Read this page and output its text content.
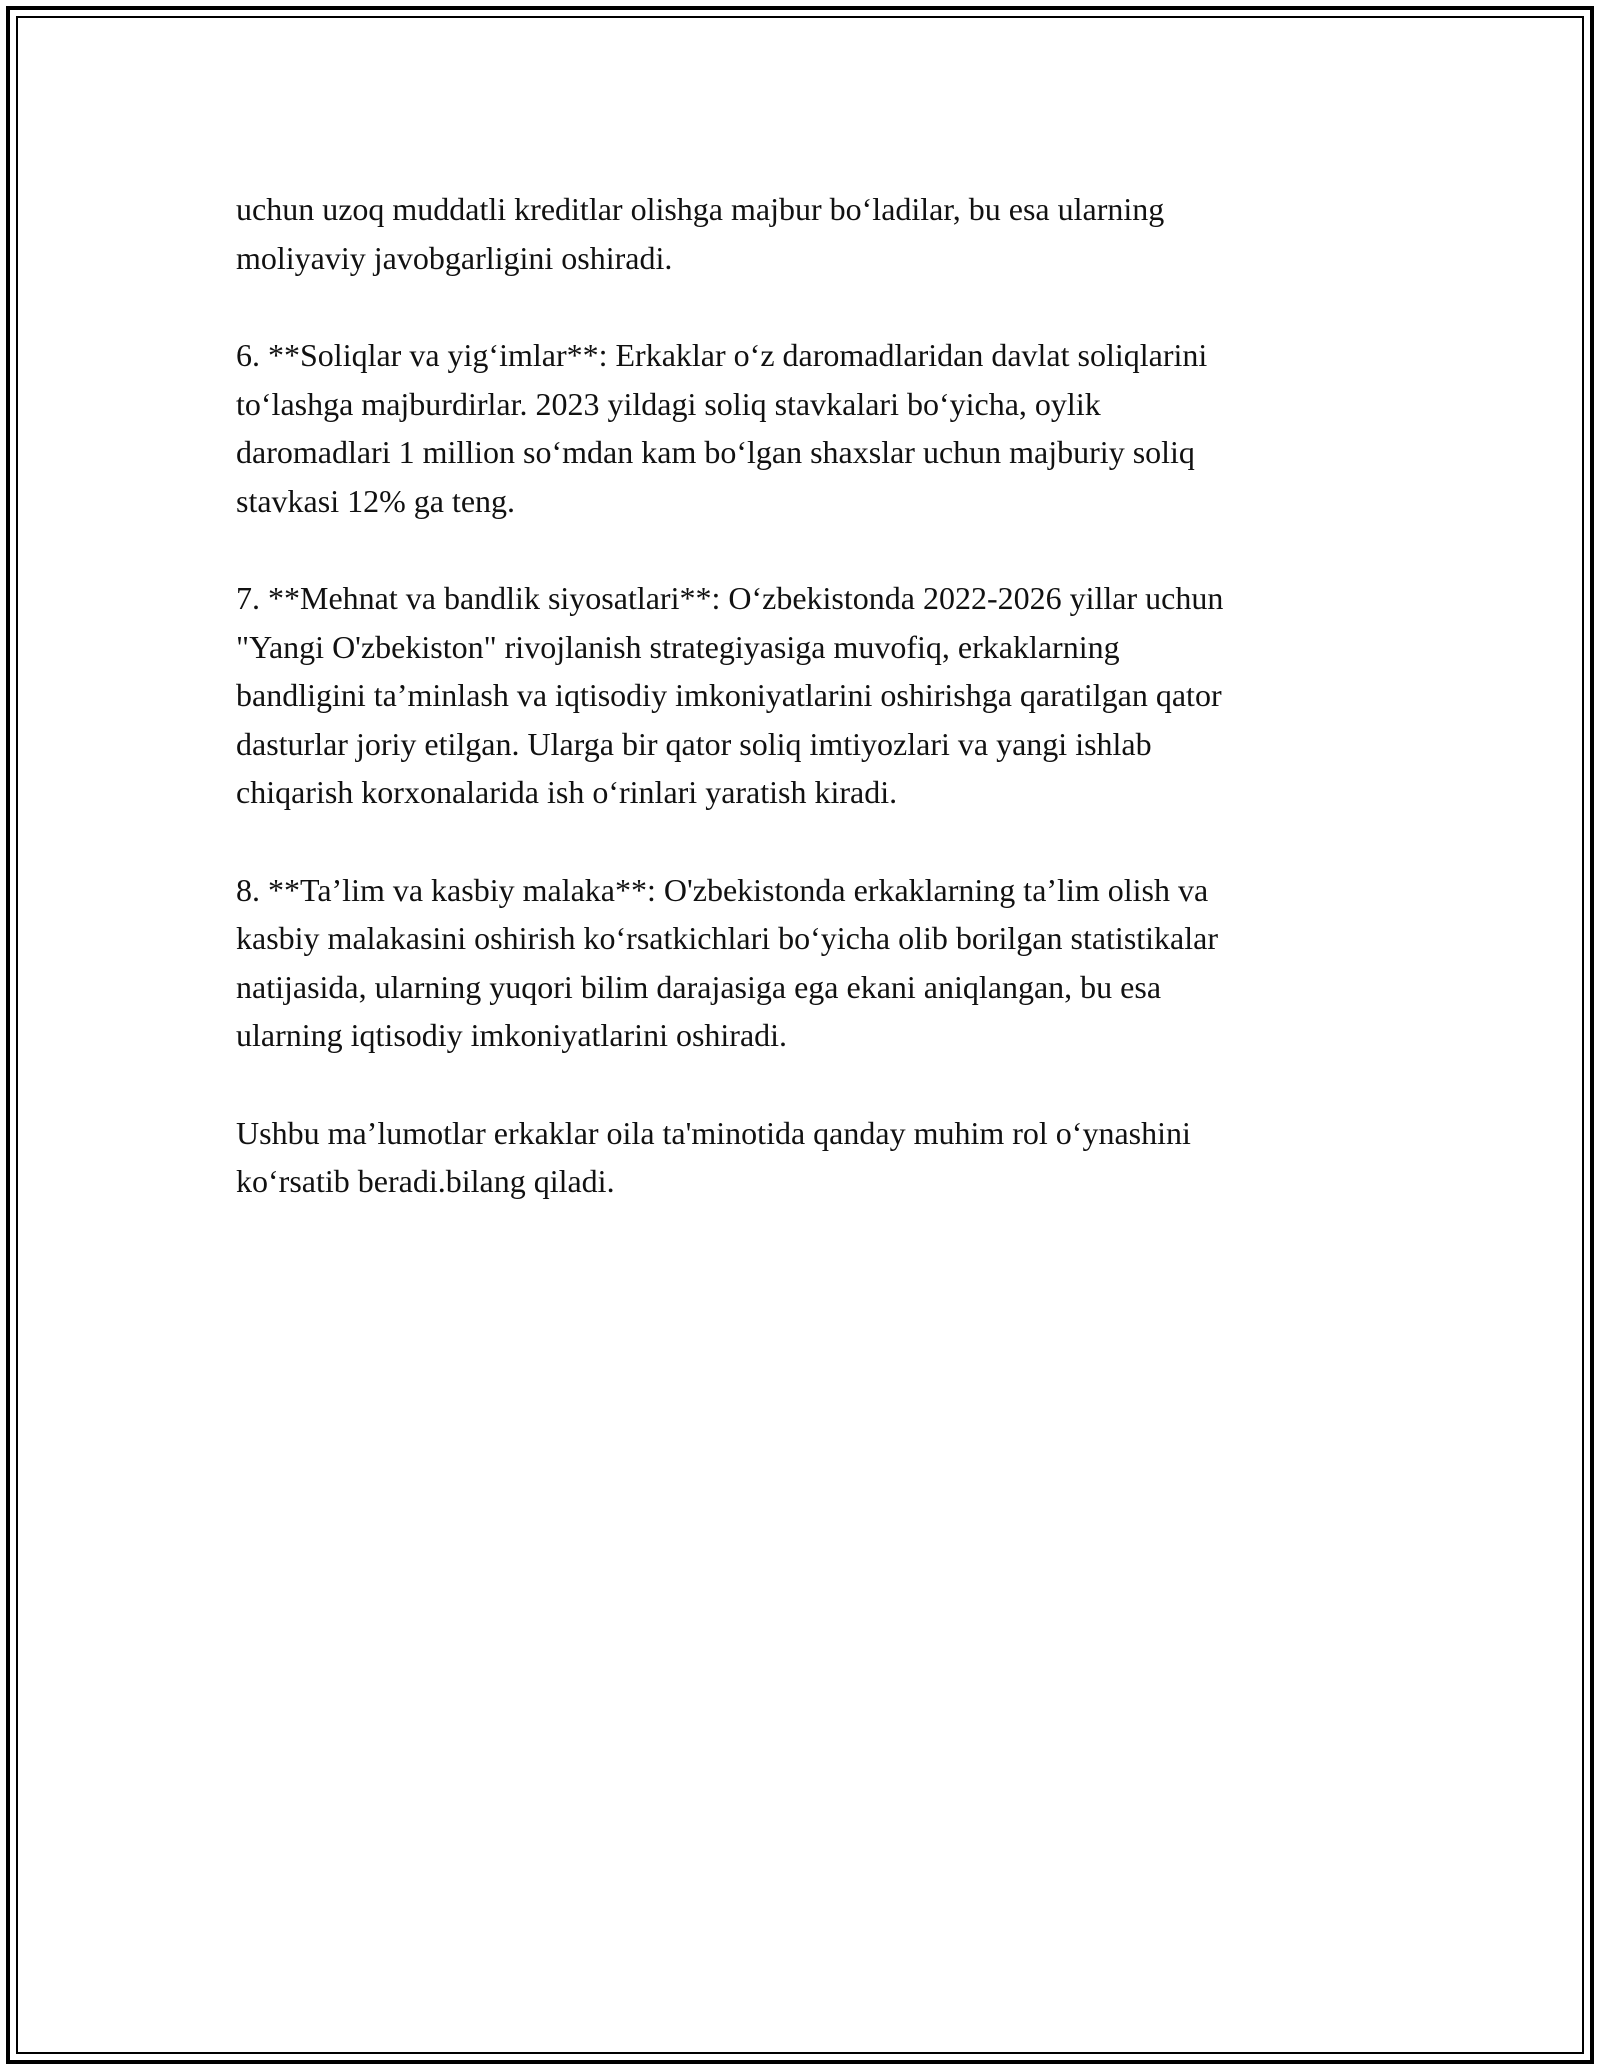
uchun uzoq muddatli kreditlar olishga majbur bo‘ladilar, bu esa ularning
moliyaviy javobgarligini oshiradi.

6. **Soliqlar va yig‘imlar**: Erkaklar o‘z daromadlaridan davlat soliqlarini
to‘lashga majburdirlar. 2023 yildagi soliq stavkalari bo‘yicha, oylik
daromadlari 1 million so‘mdan kam bo‘lgan shaxslar uchun majburiy soliq
stavkasi 12% ga teng.

7. **Mehnat va bandlik siyosatlari**: O‘zbekistonda 2022-2026 yillar uchun
"Yangi O'zbekiston" rivojlanish strategiyasiga muvofiq, erkaklarning
bandligini ta’minlash va iqtisodiy imkoniyatlarini oshirishga qaratilgan qator
dasturlar joriy etilgan. Ularga bir qator soliq imtiyozlari va yangi ishlab
chiqarish korxonalarida ish o‘rinlari yaratish kiradi.

8. **Ta’lim va kasbiy malaka**: O'zbekistonda erkaklarning ta’lim olish va
kasbiy malakasini oshirish ko‘rsatkichlari bo‘yicha olib borilgan statistikalar
natijasida, ularning yuqori bilim darajasiga ega ekani aniqlangan, bu esa
ularning iqtisodiy imkoniyatlarini oshiradi.

Ushbu ma’lumotlar erkaklar oila ta'minotida qanday muhim rol o‘ynashini
ko‘rsatib beradi.bilang qiladi.
